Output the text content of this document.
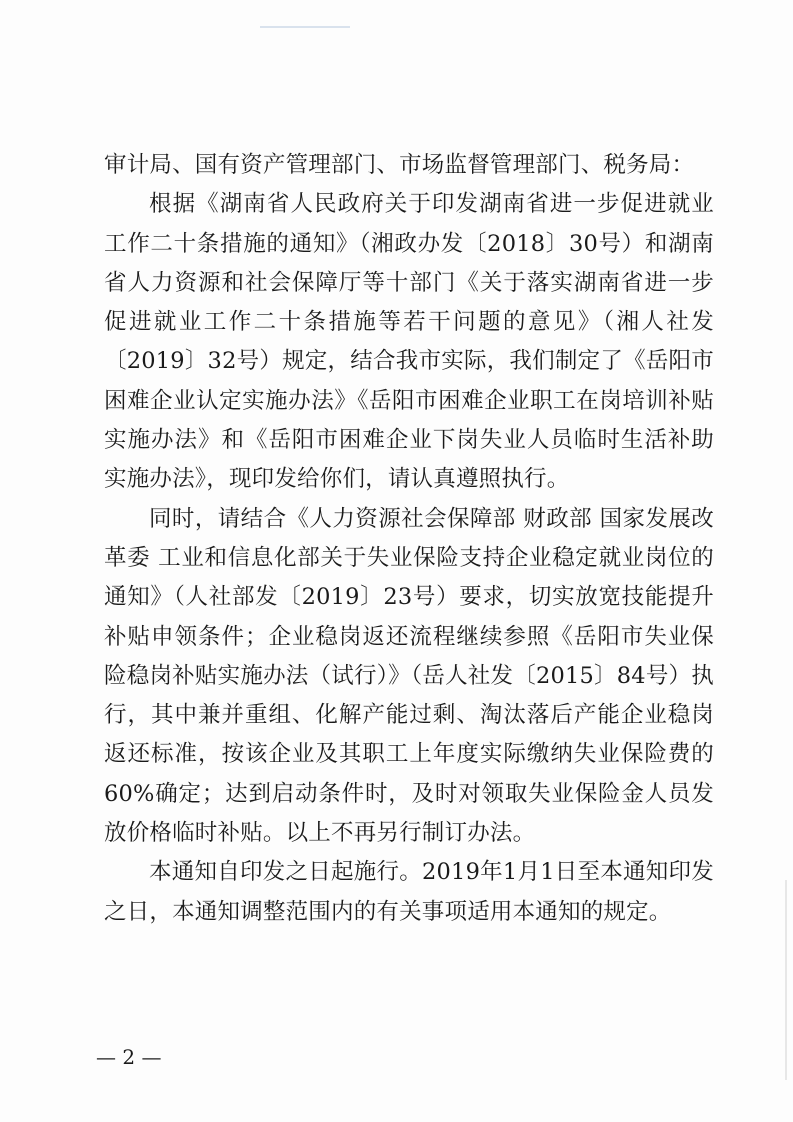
审计局、国有资产管理部门、市场监督管理部门、税务局：

根据《湖南省人民政府关于印发湖南省进一步促进就业工作二十条措施的通知》（湘政办发〔2018〕30号）和湖南省人力资源和社会保障厅等十部门《关于落实湖南省进一步促进就业工作二十条措施等若干问题的意见》（湘人社发〔2019〕32号）规定，结合我市实际，我们制定了《岳阳市困难企业认定实施办法》《岳阳市困难企业职工在岗培训补贴实施办法》和《岳阳市困难企业下岗失业人员临时生活补助实施办法》，现印发给你们，请认真遵照执行。

同时，请结合《人力资源社会保障部 财政部 国家发展改革委 工业和信息化部关于失业保险支持企业稳定就业岗位的通知》（人社部发〔2019〕23号）要求，切实放宽技能提升补贴申领条件；企业稳岗返还流程继续参照《岳阳市失业保险稳岗补贴实施办法（试行）》（岳人社发〔2015〕84号）执行，其中兼并重组、化解产能过剩、淘汰落后产能企业稳岗返还标准，按该企业及其职工上年度实际缴纳失业保险费的60%确定；达到启动条件时，及时对领取失业保险金人员发放价格临时补贴。以上不再另行制订办法。

本通知自印发之日起施行。2019年1月1日至本通知印发之日，本通知调整范围内的有关事项适用本通知的规定。

— 2 —
